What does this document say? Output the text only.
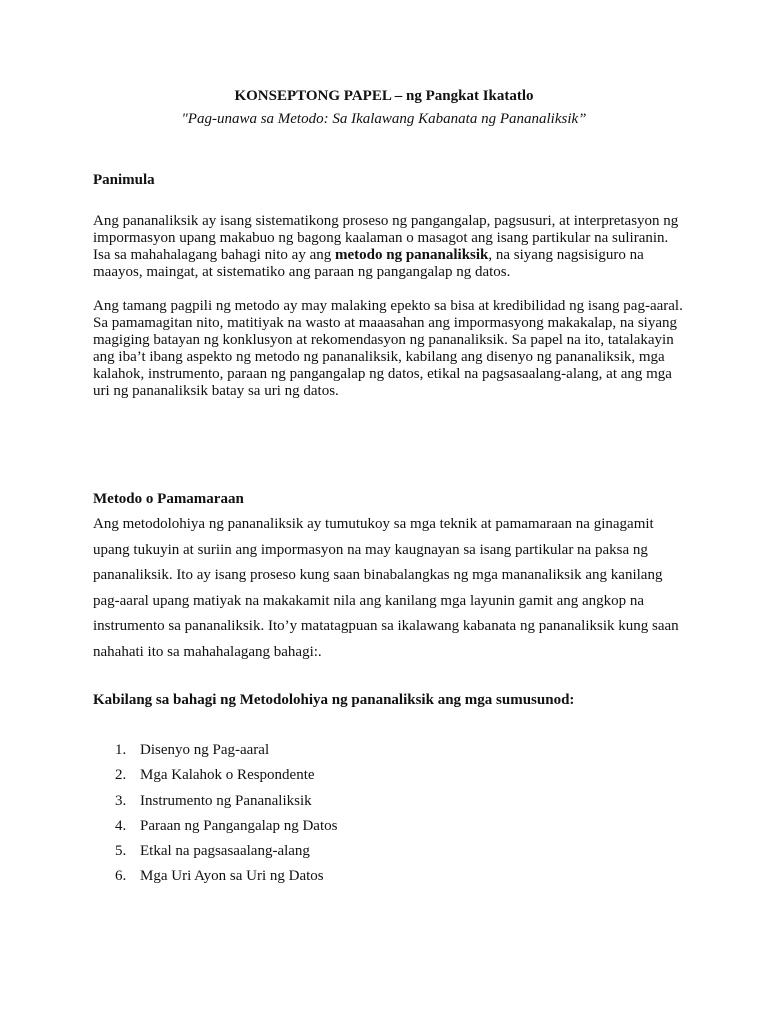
KONSEPTONG PAPEL – ng Pangkat Ikatatlo

"Pag-unawa sa Metodo: Sa Ikalawang Kabanata ng Pananaliksik”

Panimula

Ang pananaliksik ay isang sistematikong proseso ng pangangalap, pagsusuri, at interpretasyon ng impormasyon upang makabuo ng bagong kaalaman o masagot ang isang partikular na suliranin. Isa sa mahahalagang bahagi nito ay ang metodo ng pananaliksik, na siyang nagsisiguro na maayos, maingat, at sistematiko ang paraan ng pangangalap ng datos.

Ang tamang pagpili ng metodo ay may malaking epekto sa bisa at kredibilidad ng isang pag-aaral. Sa pamamagitan nito, matitiyak na wasto at maaasahan ang impormasyong makakalap, na siyang magiging batayan ng konklusyon at rekomendasyon ng pananaliksik. Sa papel na ito, tatalakayin ang iba’t ibang aspekto ng metodo ng pananaliksik, kabilang ang disenyo ng pananaliksik, mga kalahok, instrumento, paraan ng pangangalap ng datos, etikal na pagsasaalang-alang, at ang mga uri ng pananaliksik batay sa uri ng datos.

Metodo o Pamamaraan

Ang metodolohiya ng pananaliksik ay tumutukoy sa mga teknik at pamamaraan na ginagamit upang tukuyin at suriin ang impormasyon na may kaugnayan sa isang partikular na paksa ng pananaliksik. Ito ay isang proseso kung saan binabalangkas ng mga mananaliksik ang kanilang pag-aaral upang matiyak na makakamit nila ang kanilang mga layunin gamit ang angkop na instrumento sa pananaliksik. Ito’y matatagpuan sa ikalawang kabanata ng pananaliksik kung saan nahahati ito sa mahahalagang bahagi:.

Kabilang sa bahagi ng Metodolohiya ng pananaliksik ang mga sumusunod:
1. Disenyo ng Pag-aaral
2. Mga Kalahok o Respondente
3. Instrumento ng Pananaliksik
4. Paraan ng Pangangalap ng Datos
5. Etkal na pagsasaalang-alang
6. Mga Uri Ayon sa Uri ng Datos
